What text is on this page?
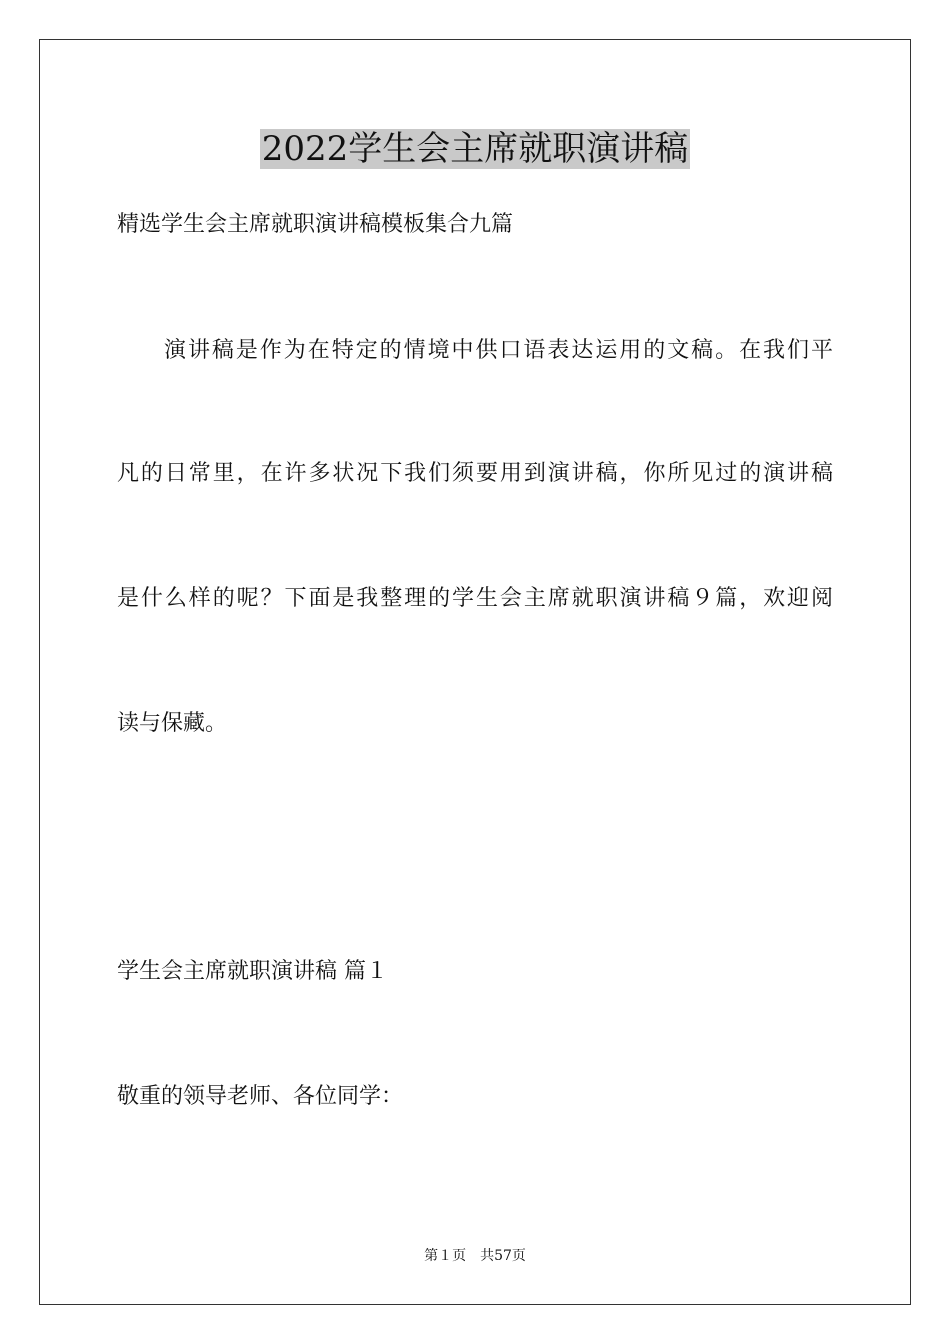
2022学生会主席就职演讲稿

精选学生会主席就职演讲稿模板集合九篇

演讲稿是作为在特定的情境中供口语表达运用的文稿。在我们平

凡的日常里，在许多状况下我们须要用到演讲稿，你所见过的演讲稿

是什么样的呢？下面是我整理的学生会主席就职演讲稿９篇，欢迎阅

读与保藏。

学生会主席就职演讲稿 篇１

敬重的领导老师、各位同学：

第１页 共57页
